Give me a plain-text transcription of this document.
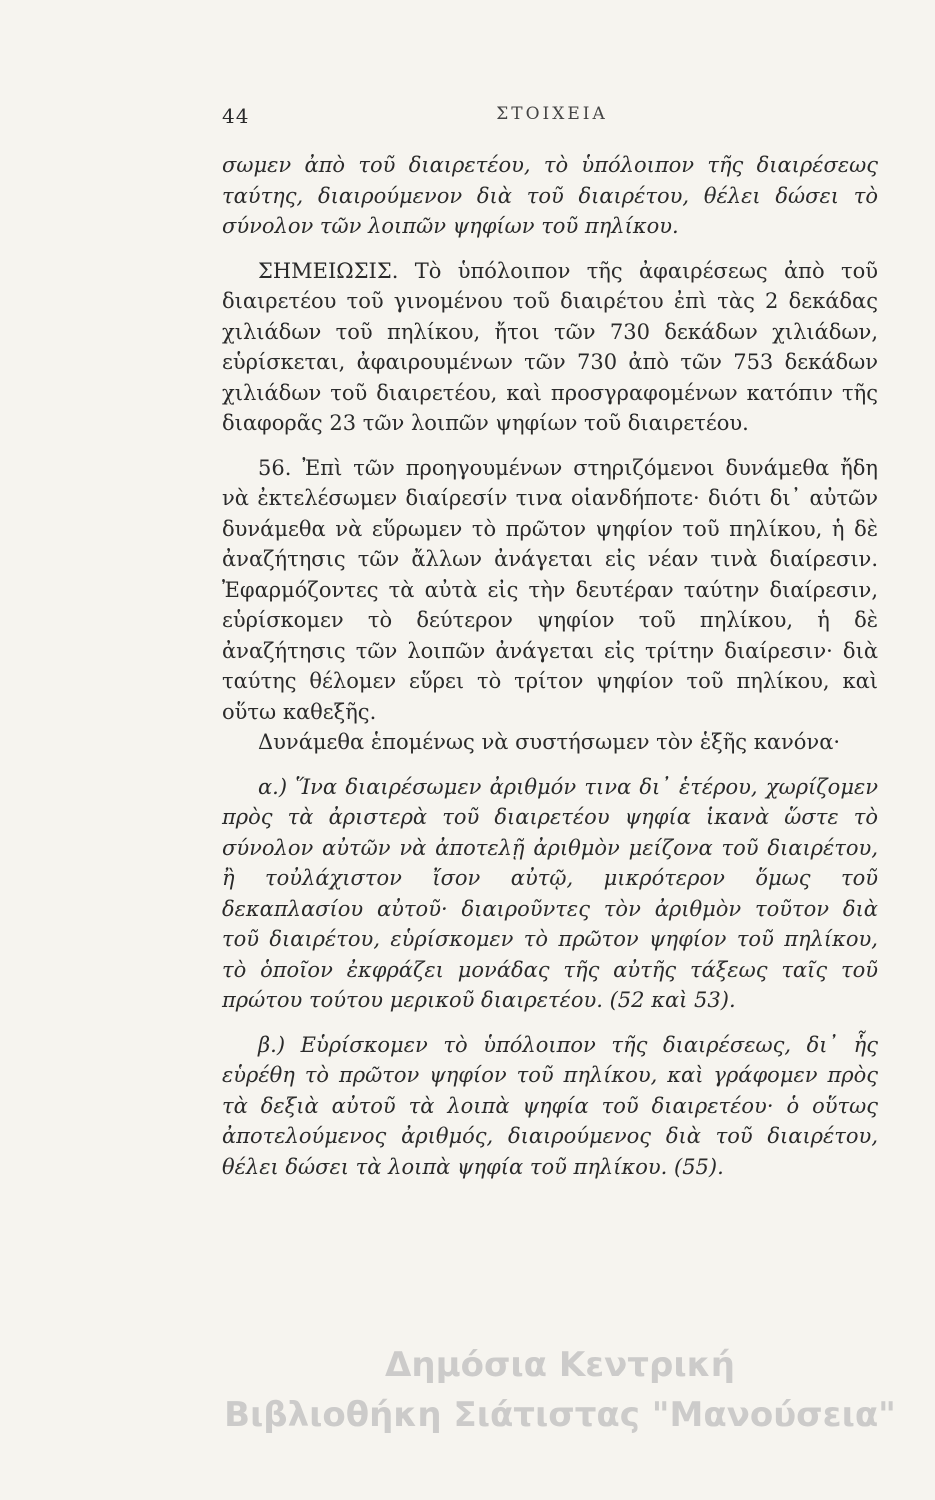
44	ΣΤΟΙΧΕΙΑ

σωμεν ἀπὸ τοῦ διαιρετέου, τὸ ὑπόλοιπον τῆς διαιρέσεως ταύτης, διαιρούμενον διὰ τοῦ διαιρέτου, θέλει δώσει τὸ σύνολον τῶν λοιπῶν ψηφίων τοῦ πηλίκου.

ΣΗΜΕΙΩΣΙΣ. Τὸ ὑπόλοιπον τῆς ἀφαιρέσεως ἀπὸ τοῦ διαιρετέου τοῦ γινομένου τοῦ διαιρέτου ἐπὶ τὰς 2 δεκάδας χιλιάδων τοῦ πηλίκου, ἤτοι τῶν 730 δεκάδων χιλιάδων, εὑρίσκεται, ἀφαιρουμένων τῶν 730 ἀπὸ τῶν 753 δεκάδων χιλιάδων τοῦ διαιρετέου, καὶ προσγραφομένων κατόπιν τῆς διαφορᾶς 23 τῶν λοιπῶν ψηφίων τοῦ διαιρετέου.

56. Ἐπὶ τῶν προηγουμένων στηριζόμενοι δυνάμεθα ἤδη νὰ ἐκτελέσωμεν διαίρεσίν τινα οἱανδήποτε· διότι δι᾽ αὐτῶν δυνάμεθα νὰ εὕρωμεν τὸ πρῶτον ψηφίον τοῦ πηλίκου, ἡ δὲ ἀναζήτησις τῶν ἄλλων ἀνάγεται εἰς νέαν τινὰ διαίρεσιν. Ἐφαρμόζοντες τὰ αὐτὰ εἰς τὴν δευτέραν ταύτην διαίρεσιν, εὑρίσκομεν τὸ δεύτερον ψηφίον τοῦ πηλίκου, ἡ δὲ ἀναζήτησις τῶν λοιπῶν ἀνάγεται εἰς τρίτην διαίρεσιν· διὰ ταύτης θέλομεν εὕρει τὸ τρίτον ψηφίον τοῦ πηλίκου, καὶ οὕτω καθεξῆς.

Δυνάμεθα ἑπομένως νὰ συστήσωμεν τὸν ἑξῆς κανόνα·

α.) Ἵνα διαιρέσωμεν ἀριθμόν τινα δι᾽ ἑτέρου, χωρίζομεν πρὸς τὰ ἀριστερὰ τοῦ διαιρετέου ψηφία ἱκανὰ ὥστε τὸ σύνολον αὐτῶν νὰ ἀποτελῇ ἀριθμὸν μείζονα τοῦ διαιρέτου, ἢ τοὐλάχιστον ἴσον αὐτῷ, μικρότερον ὅμως τοῦ δεκαπλασίου αὐτοῦ· διαιροῦντες τὸν ἀριθμὸν τοῦτον διὰ τοῦ διαιρέτου, εὑρίσκομεν τὸ πρῶτον ψηφίον τοῦ πηλίκου, τὸ ὁποῖον ἐκφράζει μονάδας τῆς αὐτῆς τάξεως ταῖς τοῦ πρώτου τούτου μερικοῦ διαιρετέου. (52 καὶ 53).

β.) Εὑρίσκομεν τὸ ὑπόλοιπον τῆς διαιρέσεως, δι᾽ ἧς εὑρέθη τὸ πρῶτον ψηφίον τοῦ πηλίκου, καὶ γράφομεν πρὸς τὰ δεξιὰ αὐτοῦ τὰ λοιπὰ ψηφία τοῦ διαιρετέου· ὁ οὕτως ἀποτελούμενος ἀριθμός, διαιρούμενος διὰ τοῦ διαιρέτου, θέλει δώσει τὰ λοιπὰ ψηφία τοῦ πηλίκου. (55).

Δημόσια Κεντρική
Βιβλιοθήκη Σιάτιστας "Μανούσεια"
